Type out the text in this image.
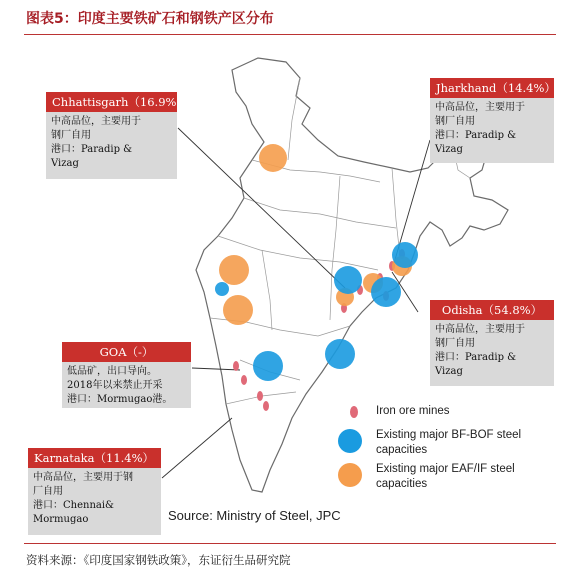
图表5：印度主要铁矿石和钢铁产区分布
Chhattisgarh（16.9%）
中高品位，主要用于
钢厂自用
港口：Paradip &
Vizag
Jharkhand（14.4%）
中高品位，主要用于
钢厂自用
港口：Paradip &
Vizag
GOA（-）
低品矿，出口导向。
2018年以来禁止开采
港口：Mormugao港。
Odisha（54.8%）
中高品位，主要用于
钢厂自用
港口：Paradip &
Vizag
Karnataka（11.4%）
中高品位，主要用于钢
厂自用
港口：Chennai&
Mormugao
Iron ore mines
Existing major BF-BOF steel capacities
Existing major EAF/IF steel capacities
Source: Ministry of Steel, JPC
资料来源：《印度国家钢铁政策》，东证衍生品研究院
